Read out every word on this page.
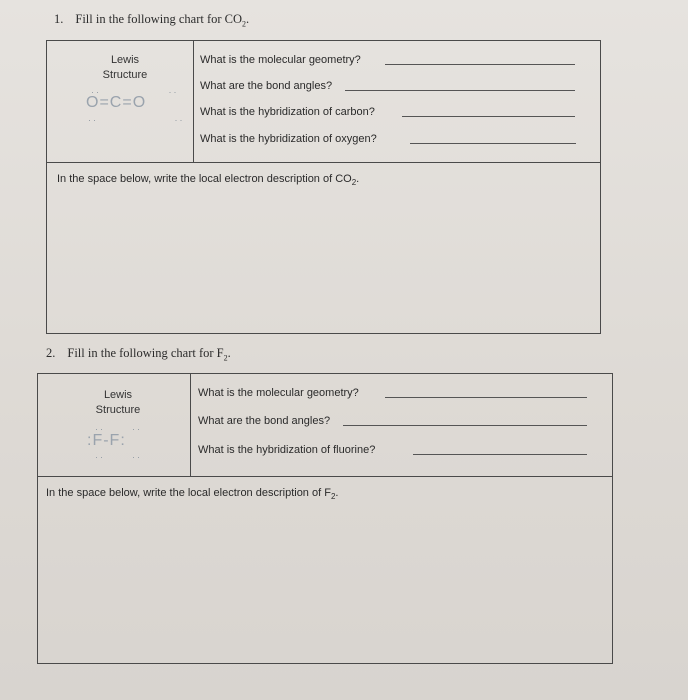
1. Fill in the following chart for $CO_2$.
Lewis
Structure
··               ··
O=C=O
··                 ··
What is the molecular geometry?
What are the bond angles?
What is the hybridization of carbon?
What is the hybridization of oxygen?
In the space below, write the local electron description of $CO_2$.
2. Fill in the following chart for $F_2$.
Lewis
Structure
··      ··
:F-F:
··      ··
What is the molecular geometry?
What are the bond angles?
What is the hybridization of fluorine?
In the space below, write the local electron description of $F_2$.
